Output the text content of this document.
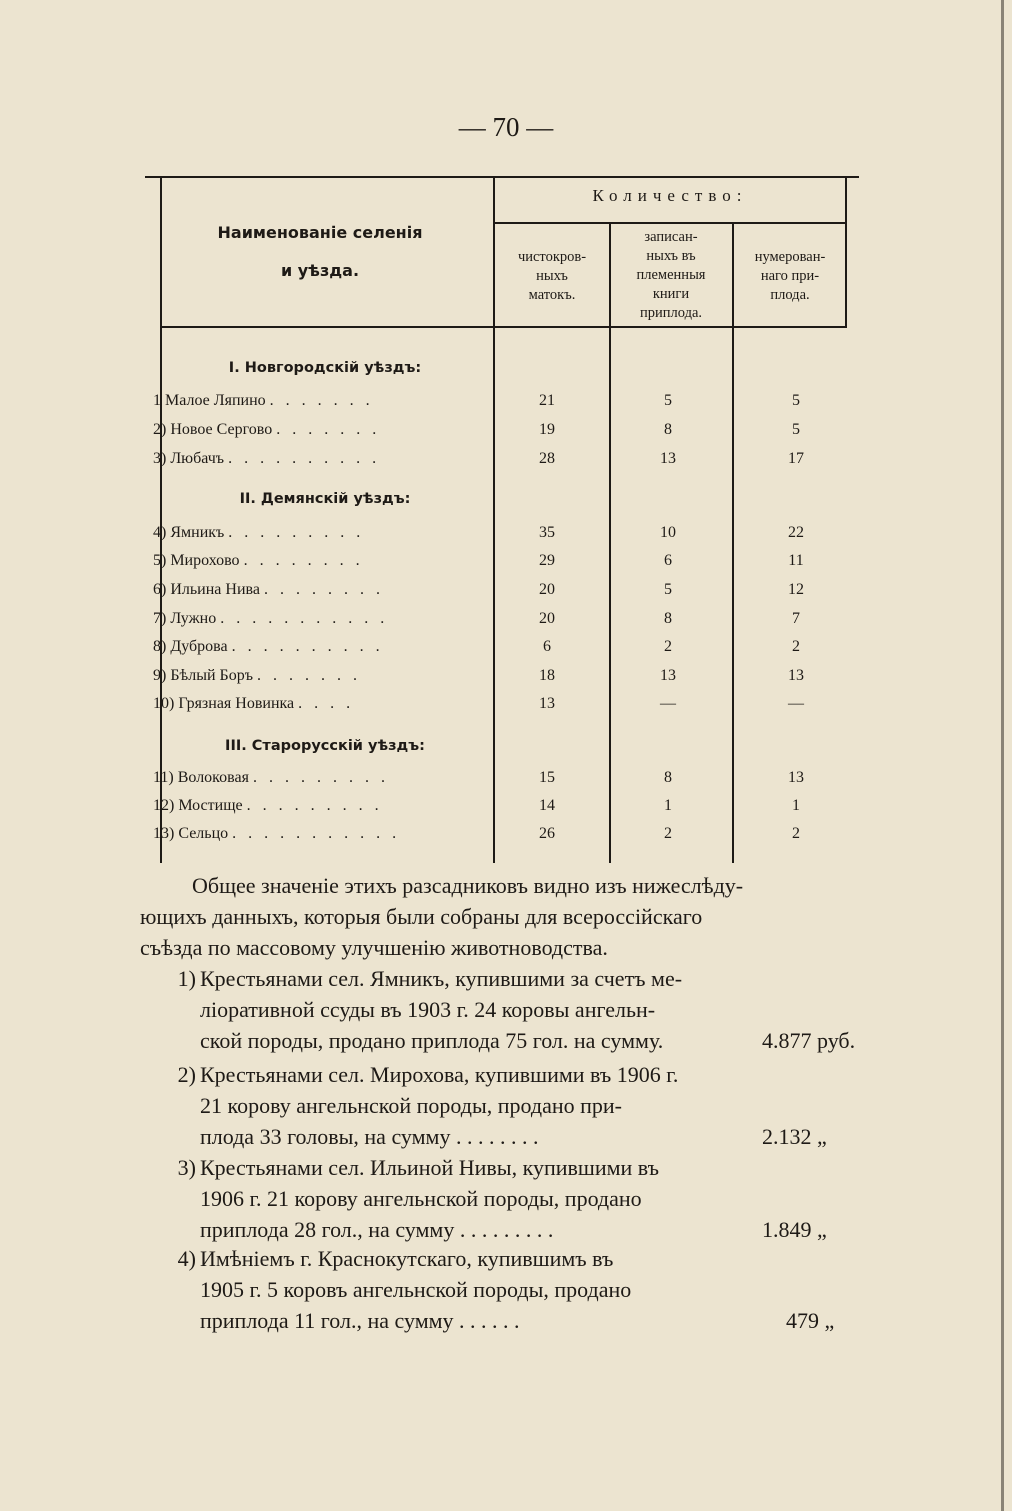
— 70 —
Наименованіе селенія
и уѣзда.
Количество:
чистокров-
ныхъ
матокъ.
записан-
ныхъ въ
племенныя
книги
приплода.
нумерован-
наго при-
плода.
I. Новгородскій уѣздъ:
1 Малое Ляпино . . . . . . .	21	5	5
2) Новое Сергово . . . . . . .	19	8	5
3) Любачъ . . . . . . . . . .	28	13	17
II. Демянскій уѣздъ:
4) Ямникъ . . . . . . . . .	35	10	22
5) Мирохово . . . . . . . .	29	6	11
6) Ильина Нива . . . . . . . .	20	5	12
7) Лужно . . . . . . . . . . .	20	8	7
8) Дуброва . . . . . . . . . .	6	2	2
9) Бѣлый Боръ . . . . . . .	18	13	13
10) Грязная Новинка . . . .	13	—	—
III. Старорусскій уѣздъ:
11) Волоковая . . . . . . . . .	15	8	13
12) Мостище . . . . . . . . .	14	1	1
13) Сельцо . . . . . . . . . . .	26	2	2
Общее значеніе этихъ разсадниковъ видно изъ нижеслѣду-
ющихъ данныхъ, которыя были собраны для всероссійскаго
съѣзда по массовому улучшенію животноводства.
1) Крестьянами сел. Ямникъ, купившими за счетъ ме-
ліоративной ссуды въ 1903 г. 24 коровы ангельн-
ской породы, продано приплода 75 гол. на сумму.	4.877 руб.
2) Крестьянами сел. Мирохова, купившими въ 1906 г.
21 корову ангельнской породы, продано при-
плода 33 головы, на сумму . . . . . . . .	2.132 „
3) Крестьянами сел. Ильиной Нивы, купившими въ
1906 г. 21 корову ангельнской породы, продано
приплода 28 гол., на сумму . . . . . . . . .	1.849 „
4) Имѣніемъ г. Краснокутскаго, купившимъ въ
1905 г. 5 коровъ ангельнской породы, продано
приплода 11 гол., на сумму . . . . . .	479 „
